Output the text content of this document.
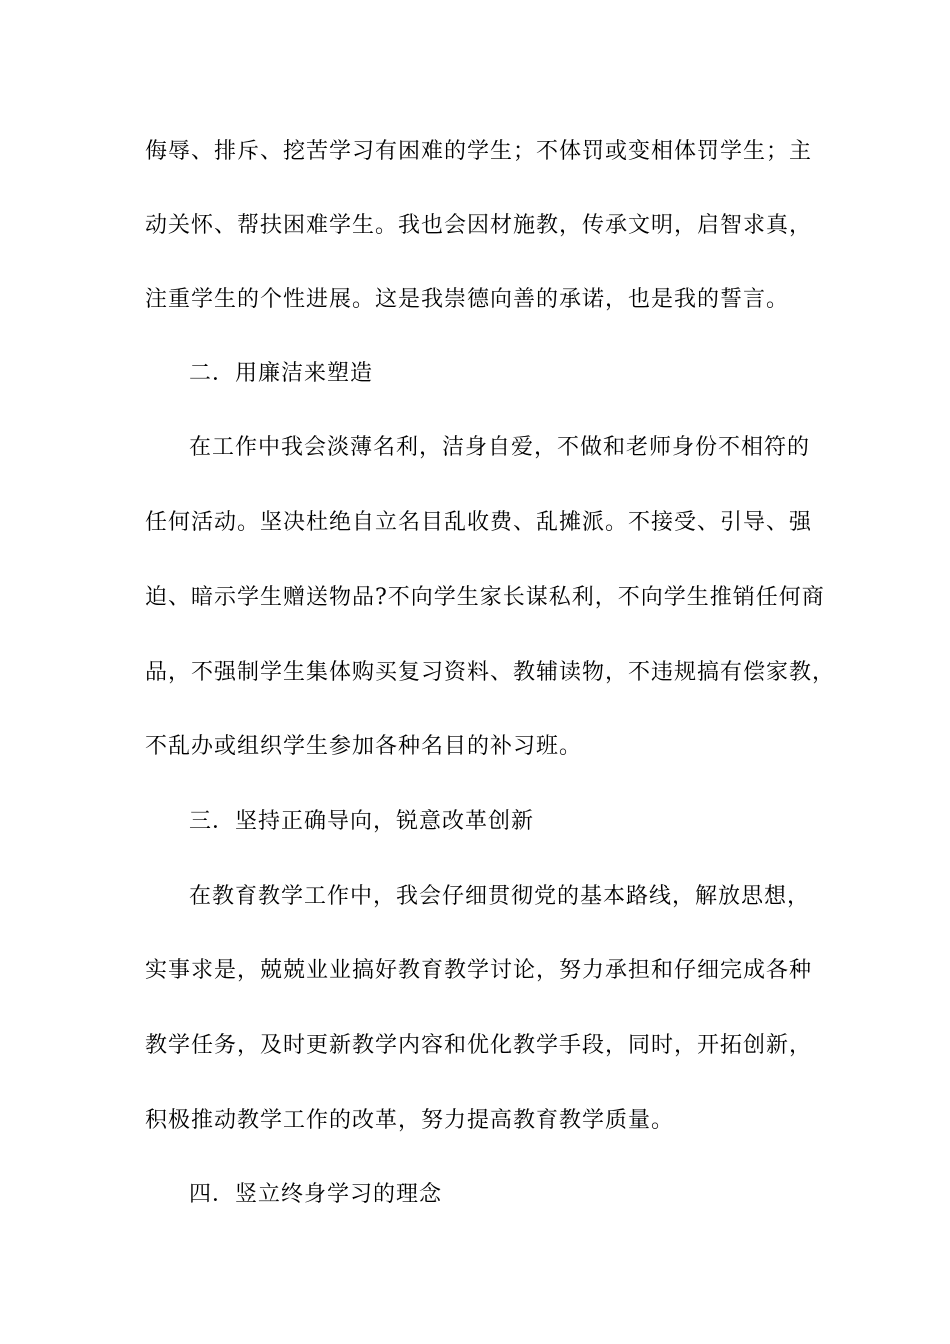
侮辱、排斥、挖苦学习有困难的学生；不体罚或变相体罚学生；主
动关怀、帮扶困难学生。我也会因材施教，传承文明，启智求真，
注重学生的个性进展。这是我崇德向善的承诺，也是我的誓言。
二．用廉洁来塑造
在工作中我会淡薄名利，洁身自爱，不做和老师身份不相符的
任何活动。坚决杜绝自立名目乱收费、乱摊派。不接受、引导、强
迫、暗示学生赠送物品?不向学生家长谋私利，不向学生推销任何商
品，不强制学生集体购买复习资料、教辅读物，不违规搞有偿家教，
不乱办或组织学生参加各种名目的补习班。
三．坚持正确导向，锐意改革创新
在教育教学工作中，我会仔细贯彻党的基本路线，解放思想，
实事求是，兢兢业业搞好教育教学讨论，努力承担和仔细完成各种
教学任务，及时更新教学内容和优化教学手段，同时，开拓创新，
积极推动教学工作的改革，努力提高教育教学质量。
四．竖立终身学习的理念
